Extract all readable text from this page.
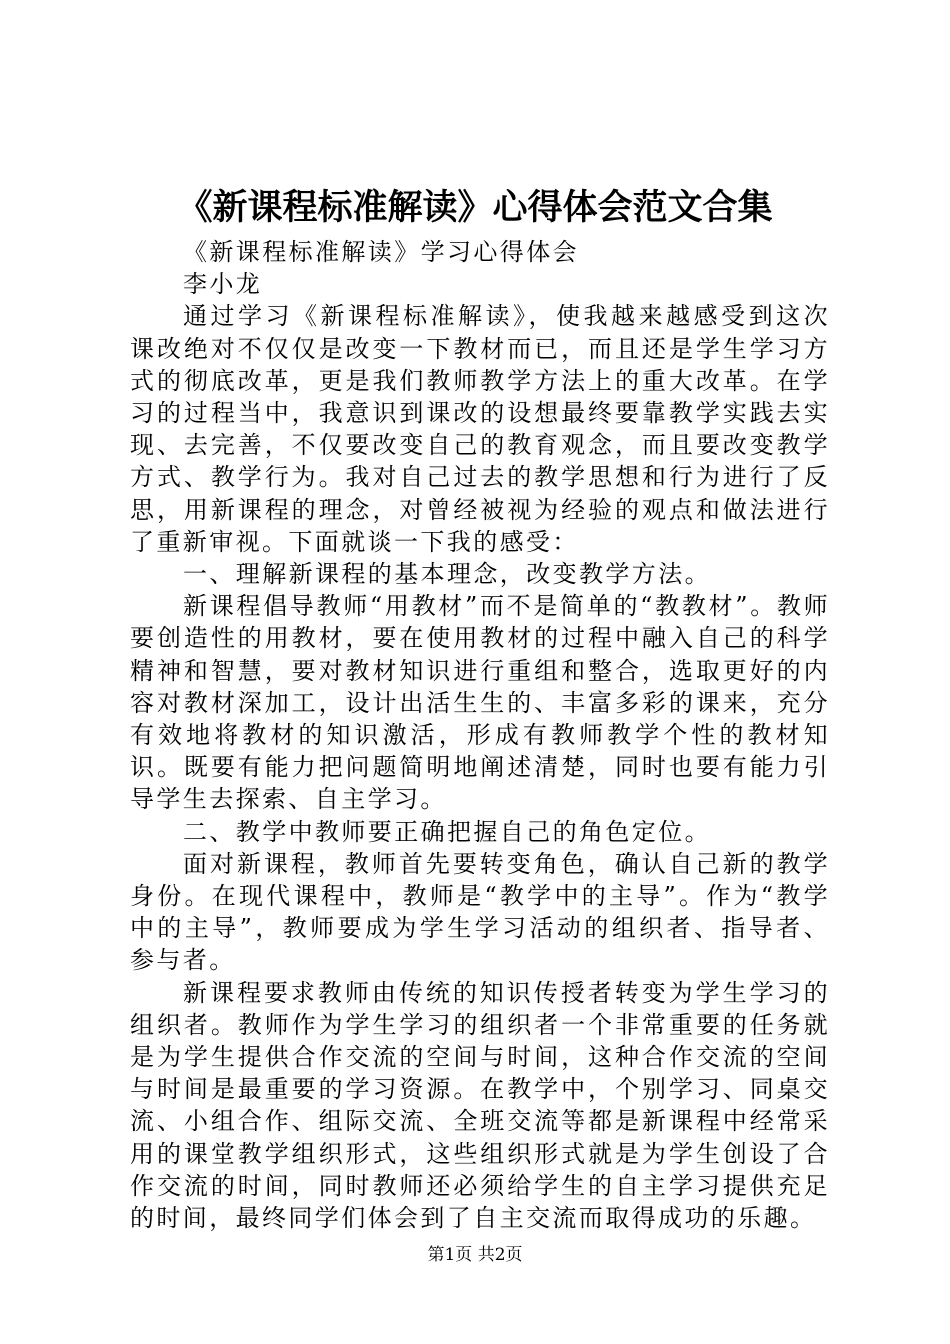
《新课程标准解读》心得体会范文合集

《新课程标准解读》学习心得体会

李小龙

通过学习《新课程标准解读》，使我越来越感受到这次课改绝对不仅仅是改变一下教材而已，而且还是学生学习方式的彻底改革，更是我们教师教学方法上的重大改革。在学习的过程当中，我意识到课改的设想最终要靠教学实践去实现、去完善，不仅要改变自己的教育观念，而且要改变教学方式、教学行为。我对自己过去的教学思想和行为进行了反思，用新课程的理念，对曾经被视为经验的观点和做法进行了重新审视。下面就谈一下我的感受：

一、理解新课程的基本理念，改变教学方法。

新课程倡导教师“用教材”而不是简单的“教教材”。教师要创造性的用教材，要在使用教材的过程中融入自己的科学精神和智慧，要对教材知识进行重组和整合，选取更好的内容对教材深加工，设计出活生生的、丰富多彩的课来，充分有效地将教材的知识激活，形成有教师教学个性的教材知识。既要有能力把问题简明地阐述清楚，同时也要有能力引导学生去探索、自主学习。

二、教学中教师要正确把握自己的角色定位。

面对新课程，教师首先要转变角色，确认自己新的教学身份。在现代课程中，教师是“教学中的主导”。作为“教学中的主导”，教师要成为学生学习活动的组织者、指导者、参与者。

新课程要求教师由传统的知识传授者转变为学生学习的组织者。教师作为学生学习的组织者一个非常重要的任务就是为学生提供合作交流的空间与时间，这种合作交流的空间与时间是最重要的学习资源。在教学中，个别学习、同桌交流、小组合作、组际交流、全班交流等都是新课程中经常采用的课堂教学组织形式，这些组织形式就是为学生创设了合作交流的时间，同时教师还必须给学生的自主学习提供充足的时间，最终同学们体会到了自主交流而取得成功的乐趣。

第1页 共2页
